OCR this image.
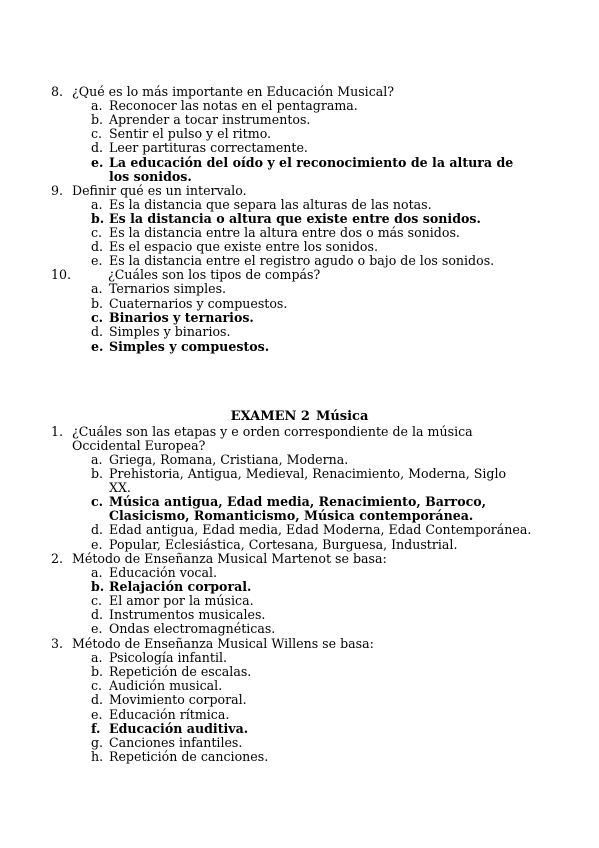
8. ¿Qué es lo más importante en Educación Musical?
a. Reconocer las notas en el pentagrama.
b. Aprender a tocar instrumentos.
c. Sentir el pulso y el ritmo.
d. Leer partituras correctamente.
e. La educación del oído y el reconocimiento de la altura de
los sonidos.
9. Definir qué es un intervalo.
a. Es la distancia que separa las alturas de las notas.
b. Es la distancia o altura que existe entre dos sonidos.
c. Es la distancia entre la altura entre dos o más sonidos.
d. Es el espacio que existe entre los sonidos.
e. Es la distancia entre el registro agudo o bajo de los sonidos.
10.	¿Cuáles son los tipos de compás?
a. Ternarios simples.
b. Cuaternarios y compuestos.
c. Binarios y ternarios.
d. Simples y binarios.
e. Simples y compuestos.
EXAMEN 2 Música
1. ¿Cuáles son las etapas y e orden correspondiente de la música
Occidental Europea?
a. Griega, Romana, Cristiana, Moderna.
b. Prehistoria, Antigua, Medieval, Renacimiento, Moderna, Siglo
XX.
c. Música antigua, Edad media, Renacimiento, Barroco,
Clasicismo, Romanticismo, Música contemporánea.
d. Edad antigua, Edad media, Edad Moderna, Edad Contemporánea.
e. Popular, Eclesiástica, Cortesana, Burguesa, Industrial.
2. Método de Enseñanza Musical Martenot se basa:
a. Educación vocal.
b. Relajación corporal.
c. El amor por la música.
d. Instrumentos musicales.
e. Ondas electromagnéticas.
3. Método de Enseñanza Musical Willens se basa:
a. Psicología infantil.
b. Repetición de escalas.
c. Audición musical.
d. Movimiento corporal.
e. Educación rítmica.
f. Educación auditiva.
g. Canciones infantiles.
h. Repetición de canciones.
